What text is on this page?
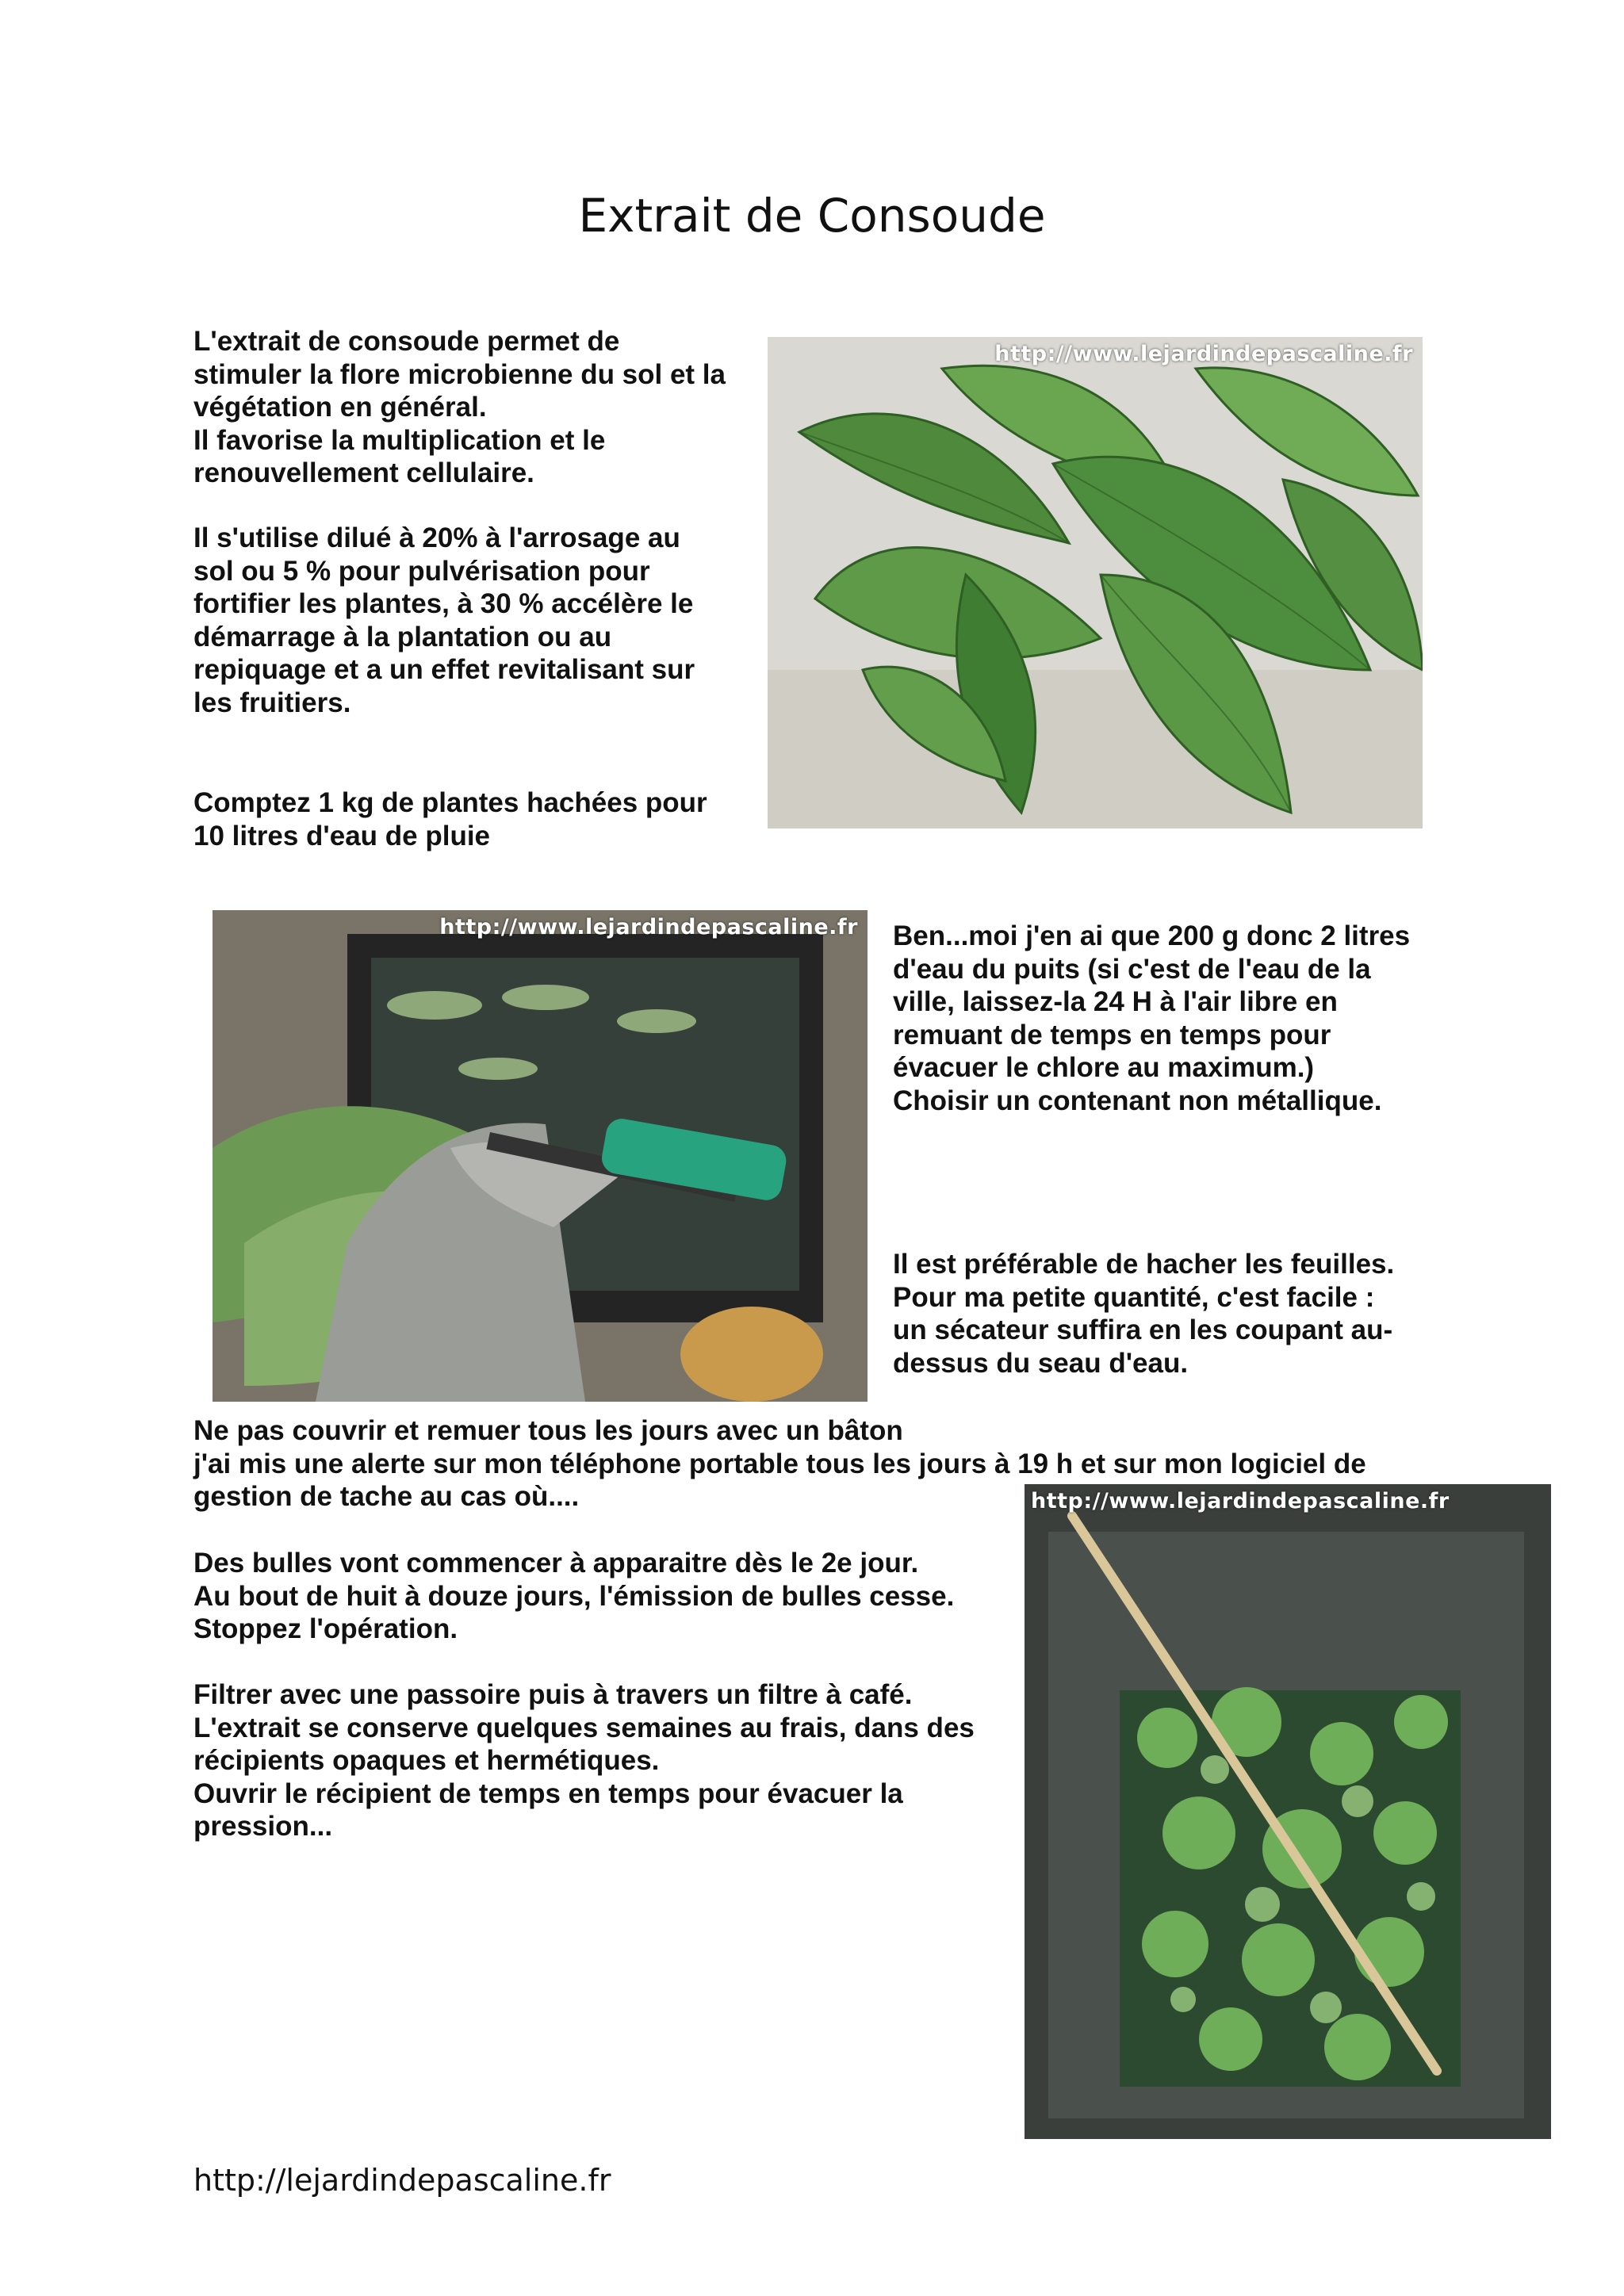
Extrait de Consoude
L'extrait de consoude permet de
stimuler la flore microbienne du sol et la
végétation en général.
Il favorise la multiplication et le
renouvellement cellulaire.
Il s'utilise dilué à 20% à l'arrosage au
sol ou 5 % pour pulvérisation pour
fortifier les plantes, à 30 % accélère le
démarrage à la plantation ou au
repiquage et a un effet revitalisant sur
les fruitiers.
Comptez 1 kg de plantes hachées pour
10 litres d'eau de pluie
http://www.lejardindepascaline.fr
http://www.lejardindepascaline.fr Ben...moi j'en ai que 200 g donc 2 litres
d'eau du puits (si c'est de l'eau de la
ville, laissez-la 24 H à l'air libre en
remuant de temps en temps pour
évacuer le chlore au maximum.)
Choisir un contenant non métallique.
Il est préférable de hacher les feuilles.
Pour ma petite quantité, c'est facile :
un sécateur suffira en les coupant au-
dessus du seau d'eau.
Ne pas couvrir et remuer tous les jours avec un bâton
j'ai mis une alerte sur mon téléphone portable tous les jours à 19 h et sur mon logiciel de
gestion de tache au cas où....
Des bulles vont commencer à apparaitre dès le 2e jour.
Au bout de huit à douze jours, l'émission de bulles cesse.
Stoppez l'opération.
Filtrer avec une passoire puis à travers un filtre à café.
L'extrait se conserve quelques semaines au frais, dans des
récipients opaques et hermétiques.
Ouvrir le récipient de temps en temps pour évacuer la
pression...
http://www.lejardindepascaline.fr
http://lejardindepascaline.fr
